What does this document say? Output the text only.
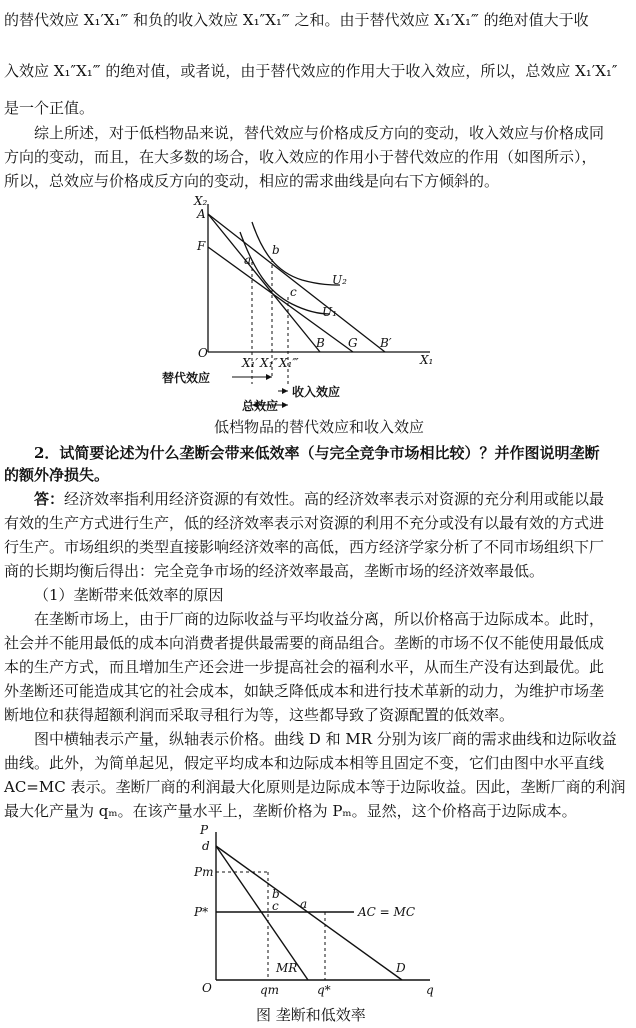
的替代效应 X₁′X₁‴ 和负的收入效应 X₁″X₁‴ 之和。由于替代效应 X₁′X₁‴ 的绝对值大于收

入效应 X₁″X₁‴ 的绝对值，或者说，由于替代效应的作用大于收入效应，所以，总效应 X₁′X₁″

是一个正值。

综上所述，对于低档物品来说，替代效应与价格成反方向的变动，收入效应与价格成同

方向的变动，而且，在大多数的场合，收入效应的作用小于替代效应的作用（如图所示），

所以，总效应与价格成反方向的变动，相应的需求曲线是向右下方倾斜的。

X₂
A
F
a
b
c
U₂
U₁
O
B G B′
X₁
X₁′ X₁″ X₁‴
替代效应
收入效应
总效应
低档物品的替代效应和收入效应

2．试简要论述为什么垄断会带来低效率（与完全竞争市场相比较）？并作图说明垄断

的额外净损失。

答：经济效率指利用经济资源的有效性。高的经济效率表示对资源的充分利用或能以最

有效的生产方式进行生产，低的经济效率表示对资源的利用不充分或没有以最有效的方式进

行生产。市场组织的类型直接影响经济效率的高低，西方经济学家分析了不同市场组织下厂

商的长期均衡后得出：完全竞争市场的经济效率最高，垄断市场的经济效率最低。

（1）垄断带来低效率的原因

在垄断市场上，由于厂商的边际收益与平均收益分离，所以价格高于边际成本。此时，

社会并不能用最低的成本向消费者提供最需要的商品组合。垄断的市场不仅不能使用最低成

本的生产方式，而且增加生产还会进一步提高社会的福利水平，从而生产没有达到最优。此

外垄断还可能造成其它的社会成本，如缺乏降低成本和进行技术革新的动力，为维护市场垄

断地位和获得超额利润而采取寻租行为等，这些都导致了资源配置的低效率。

图中横轴表示产量，纵轴表示价格。曲线 D 和 MR 分别为该厂商的需求曲线和边际收益

曲线。此外，为简单起见，假定平均成本和边际成本相等且固定不变，它们由图中水平直线

AC=MC 表示。垄断厂商的利润最大化原则是边际成本等于边际收益。因此，垄断厂商的利润

最大化产量为 qₘ。在该产量水平上，垄断价格为 Pₘ。显然，这个价格高于边际成本。

P
d
Pm
P*
b
c a
AC = MC
MR	D
O	qm	q*	q
图 垄断和低效率
